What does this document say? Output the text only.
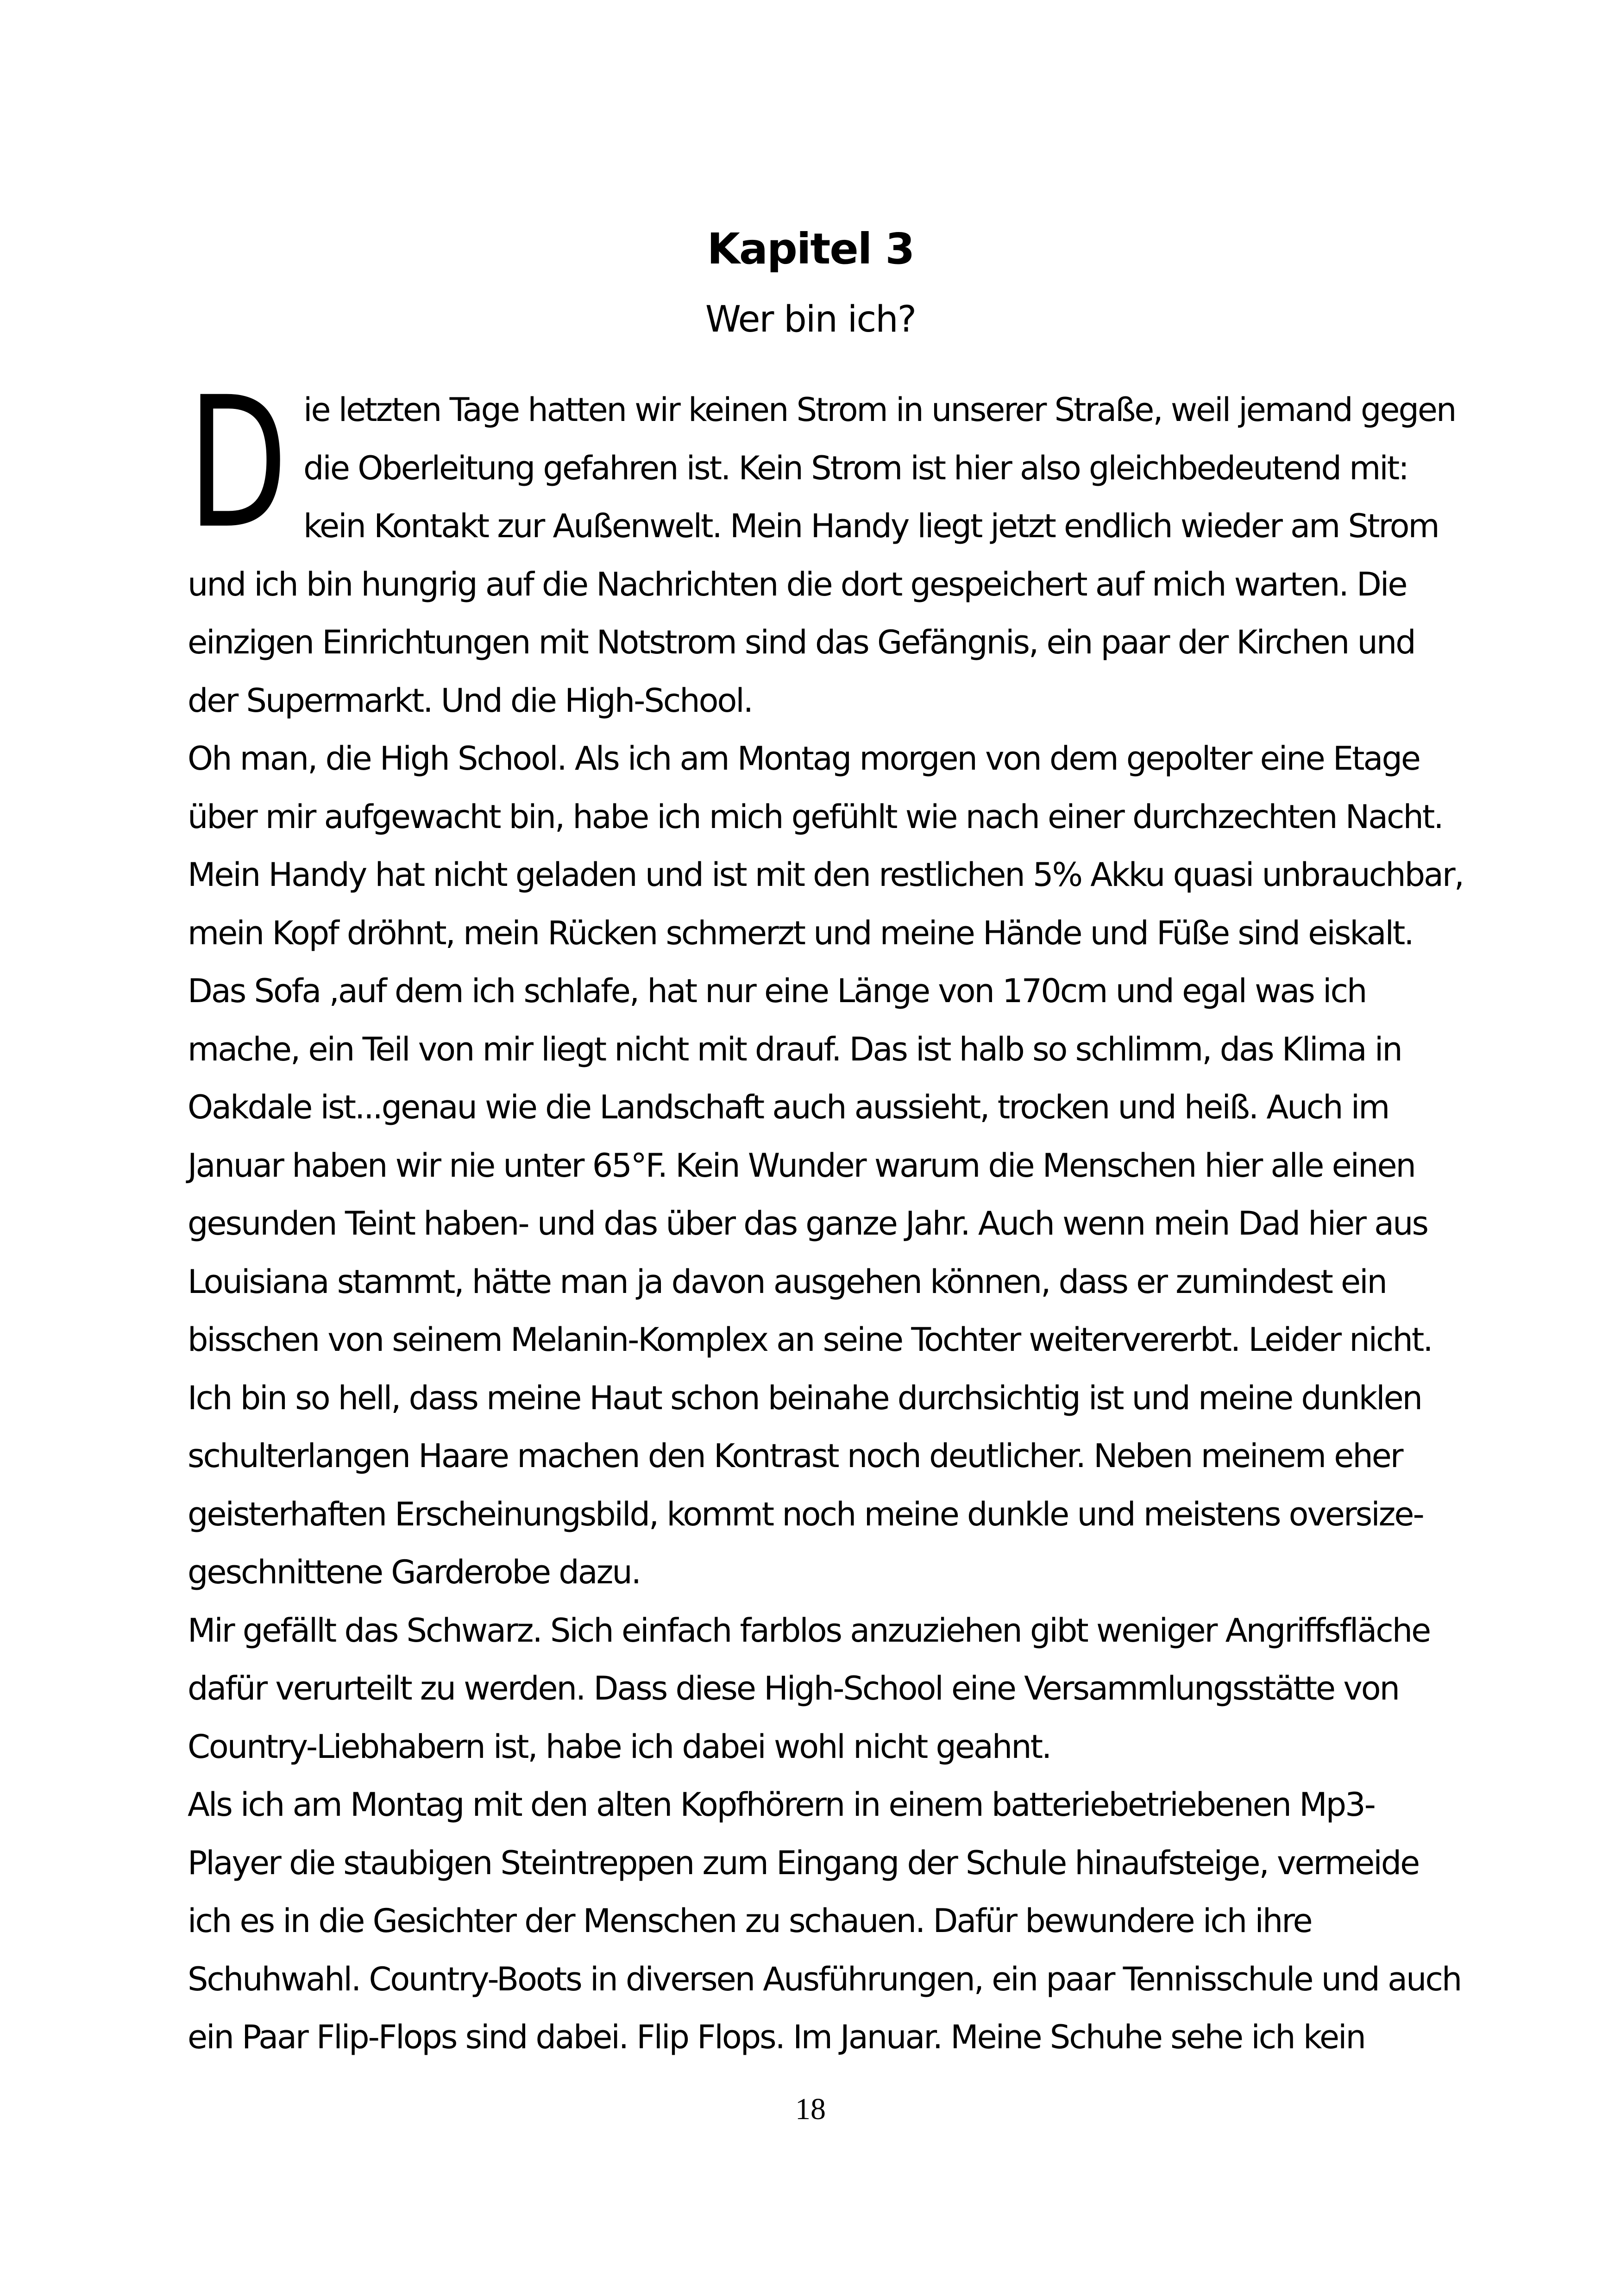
Kapitel 3
Wer bin ich?
D ie letzten Tage hatten wir keinen Strom in unserer Straße, weil jemand gegen
die Oberleitung gefahren ist. Kein Strom ist hier also gleichbedeutend mit:
kein Kontakt zur Außenwelt. Mein Handy liegt jetzt endlich wieder am Strom
und ich bin hungrig auf die Nachrichten die dort gespeichert auf mich warten. Die
einzigen Einrichtungen mit Notstrom sind das Gefängnis, ein paar der Kirchen und
der Supermarkt. Und die High-School.
Oh man, die High School. Als ich am Montag morgen von dem gepolter eine Etage
über mir aufgewacht bin, habe ich mich gefühlt wie nach einer durchzechten Nacht.
Mein Handy hat nicht geladen und ist mit den restlichen 5% Akku quasi unbrauchbar,
mein Kopf dröhnt, mein Rücken schmerzt und meine Hände und Füße sind eiskalt.
Das Sofa ,auf dem ich schlafe, hat nur eine Länge von 170cm und egal was ich
mache, ein Teil von mir liegt nicht mit drauf. Das ist halb so schlimm, das Klima in
Oakdale ist...genau wie die Landschaft auch aussieht, trocken und heiß. Auch im
Januar haben wir nie unter 65°F. Kein Wunder warum die Menschen hier alle einen
gesunden Teint haben- und das über das ganze Jahr. Auch wenn mein Dad hier aus
Louisiana stammt, hätte man ja davon ausgehen können, dass er zumindest ein
bisschen von seinem Melanin-Komplex an seine Tochter weitervererbt. Leider nicht.
Ich bin so hell, dass meine Haut schon beinahe durchsichtig ist und meine dunklen
schulterlangen Haare machen den Kontrast noch deutlicher. Neben meinem eher
geisterhaften Erscheinungsbild, kommt noch meine dunkle und meistens oversize-
geschnittene Garderobe dazu.
Mir gefällt das Schwarz. Sich einfach farblos anzuziehen gibt weniger Angriffsfläche
dafür verurteilt zu werden. Dass diese High-School eine Versammlungsstätte von
Country-Liebhabern ist, habe ich dabei wohl nicht geahnt.
Als ich am Montag mit den alten Kopfhörern in einem batteriebetriebenen Mp3-
Player die staubigen Steintreppen zum Eingang der Schule hinaufsteige, vermeide
ich es in die Gesichter der Menschen zu schauen. Dafür bewundere ich ihre
Schuhwahl. Country-Boots in diversen Ausführungen, ein paar Tennisschule und auch
ein Paar Flip-Flops sind dabei. Flip Flops. Im Januar. Meine Schuhe sehe ich kein
18
